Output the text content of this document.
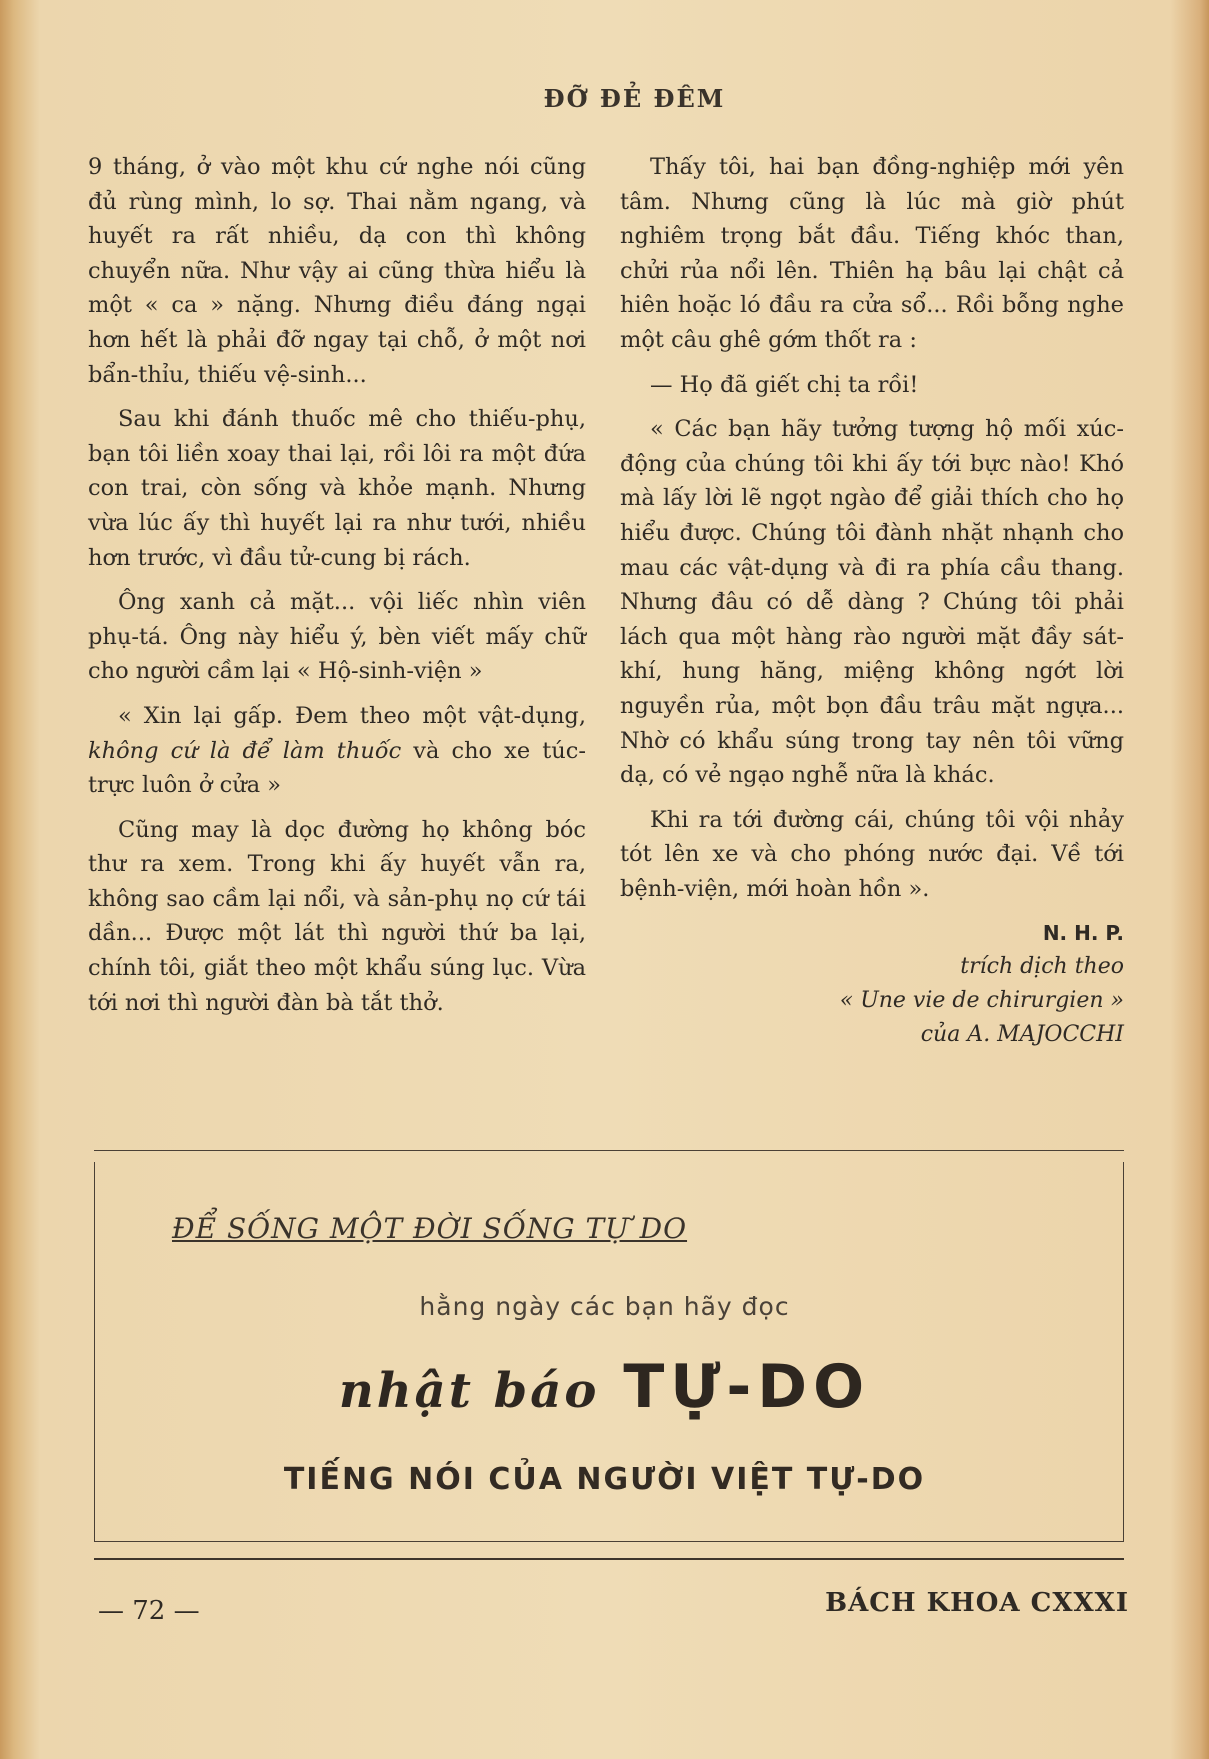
ĐỠ ĐẺ ĐÊM

9 tháng, ở vào một khu cứ nghe nói cũng đủ rùng mình, lo sợ. Thai nằm ngang, và huyết ra rất nhiều, dạ con thì không chuyển nữa. Như vậy ai cũng thừa hiểu là một « ca » nặng. Nhưng điều đáng ngại hơn hết là phải đỡ ngay tại chỗ, ở một nơi bẩn-thỉu, thiếu vệ-sinh...

Sau khi đánh thuốc mê cho thiếu-phụ, bạn tôi liền xoay thai lại, rồi lôi ra một đứa con trai, còn sống và khỏe mạnh. Nhưng vừa lúc ấy thì huyết lại ra như tưới, nhiều hơn trước, vì đầu tử-cung bị rách.

Ông xanh cả mặt... vội liếc nhìn viên phụ-tá. Ông này hiểu ý, bèn viết mấy chữ cho người cầm lại « Hộ-sinh-viện »

« Xin lại gấp. Đem theo một vật-dụng, không cứ là để làm thuốc và cho xe túc-trực luôn ở cửa »

Cũng may là dọc đường họ không bóc thư ra xem. Trong khi ấy huyết vẫn ra, không sao cầm lại nổi, và sản-phụ nọ cứ tái dần... Được một lát thì người thứ ba lại, chính tôi, giắt theo một khẩu súng lục. Vừa tới nơi thì người đàn bà tắt thở.

Thấy tôi, hai bạn đồng-nghiệp mới yên tâm. Nhưng cũng là lúc mà giờ phút nghiêm trọng bắt đầu. Tiếng khóc than, chửi rủa nổi lên. Thiên hạ bâu lại chật cả hiên hoặc ló đầu ra cửa sổ... Rồi bỗng nghe một câu ghê gớm thốt ra :

— Họ đã giết chị ta rồi!

« Các bạn hãy tưởng tượng hộ mối xúc-động của chúng tôi khi ấy tới bực nào! Khó mà lấy lời lẽ ngọt ngào để giải thích cho họ hiểu được. Chúng tôi đành nhặt nhạnh cho mau các vật-dụng và đi ra phía cầu thang. Nhưng đâu có dễ dàng ? Chúng tôi phải lách qua một hàng rào người mặt đầy sát-khí, hung hăng, miệng không ngớt lời nguyền rủa, một bọn đầu trâu mặt ngựa... Nhờ có khẩu súng trong tay nên tôi vững dạ, có vẻ ngạo nghễ nữa là khác.

Khi ra tới đường cái, chúng tôi vội nhảy tót lên xe và cho phóng nước đại. Về tới bệnh-viện, mới hoàn hồn ».

N. H. P.
trích dịch theo
« Une vie de chirurgien »
của A. MAJOCCHI
ĐỂ SỐNG MỘT ĐỜI SỐNG TỰ DO
hằng ngày các bạn hãy đọc
nhật báo TỰ-DO
TIẾNG NÓI CỦA NGƯỜI VIỆT TỰ-DO
— 72 —	BÁCH KHOA CXXXI
